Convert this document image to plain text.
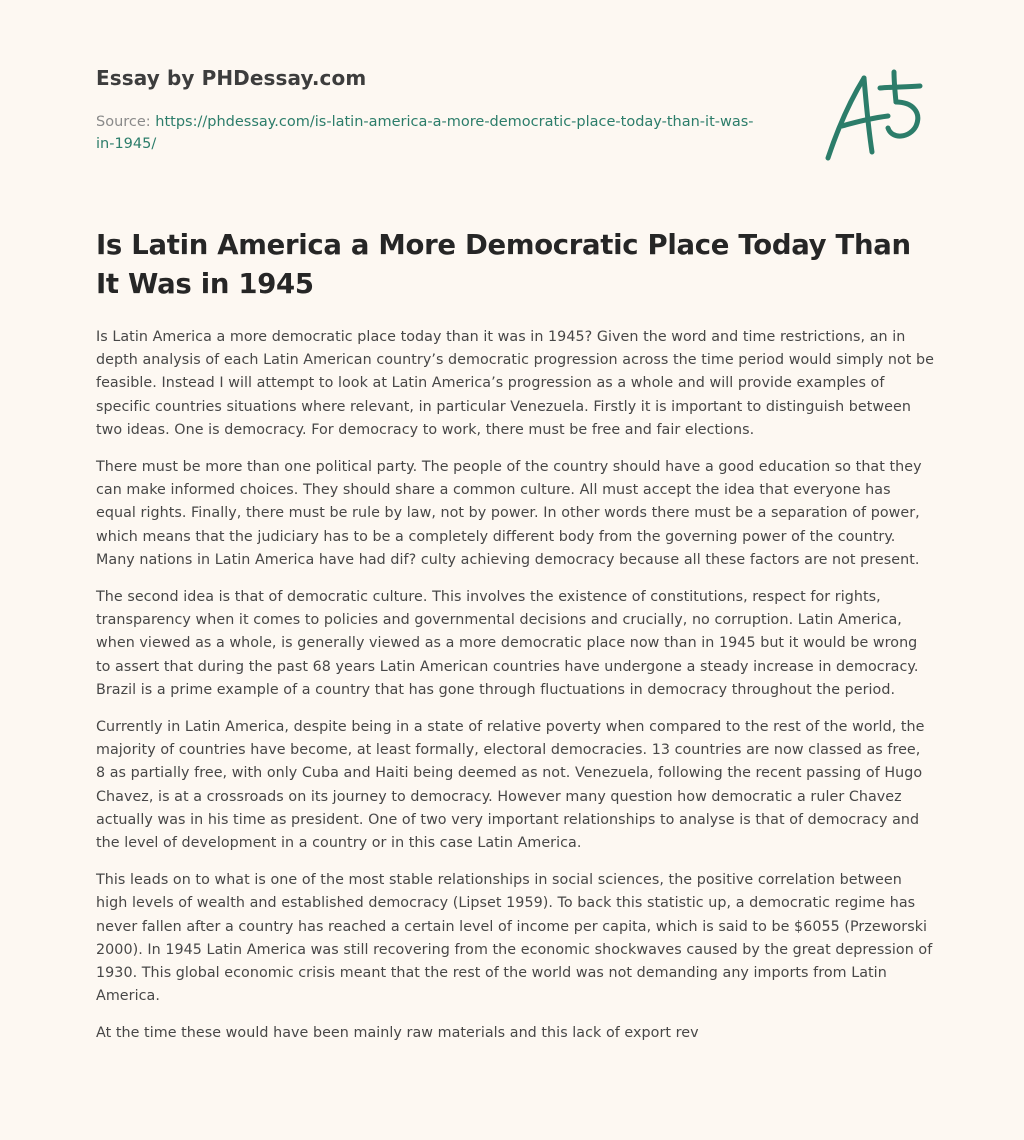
Essay by PHDessay.com
Source: https://phdessay.com/is-latin-america-a-more-democratic-place-today-than-it-was-in-1945/
Is Latin America a More Democratic Place Today Than It Was in 1945

Is Latin America a more democratic place today than it was in 1945? Given the word and time restrictions, an in depth analysis of each Latin American country’s democratic progression across the time period would simply not be feasible. Instead I will attempt to look at Latin America’s progression as a whole and will provide examples of specific countries situations where relevant, in particular Venezuela. Firstly it is important to distinguish between two ideas. One is democracy. For democracy to work, there must be free and fair elections.

There must be more than one political party. The people of the country should have a good education so that they can make informed choices. They should share a common culture. All must accept the idea that everyone has equal rights. Finally, there must be rule by law, not by power. In other words there must be a separation of power, which means that the judiciary has to be a completely different body from the governing power of the country. Many nations in Latin America have had dif? culty achieving democracy because all these factors are not present.

The second idea is that of democratic culture. This involves the existence of constitutions, respect for rights, transparency when it comes to policies and governmental decisions and crucially, no corruption. Latin America, when viewed as a whole, is generally viewed as a more democratic place now than in 1945 but it would be wrong to assert that during the past 68 years Latin American countries have undergone a steady increase in democracy. Brazil is a prime example of a country that has gone through fluctuations in democracy throughout the period.

Currently in Latin America, despite being in a state of relative poverty when compared to the rest of the world, the majority of countries have become, at least formally, electoral democracies. 13 countries are now classed as free, 8 as partially free, with only Cuba and Haiti being deemed as not. Venezuela, following the recent passing of Hugo Chavez, is at a crossroads on its journey to democracy. However many question how democratic a ruler Chavez actually was in his time as president. One of two very important relationships to analyse is that of democracy and the level of development in a country or in this case Latin America.

This leads on to what is one of the most stable relationships in social sciences, the positive correlation between high levels of wealth and established democracy (Lipset 1959). To back this statistic up, a democratic regime has never fallen after a country has reached a certain level of income per capita, which is said to be $6055 (Przeworski 2000). In 1945 Latin America was still recovering from the economic shockwaves caused by the great depression of 1930. This global economic crisis meant that the rest of the world was not demanding any imports from Latin America.

At the time these would have been mainly raw materials and this lack of export rev
